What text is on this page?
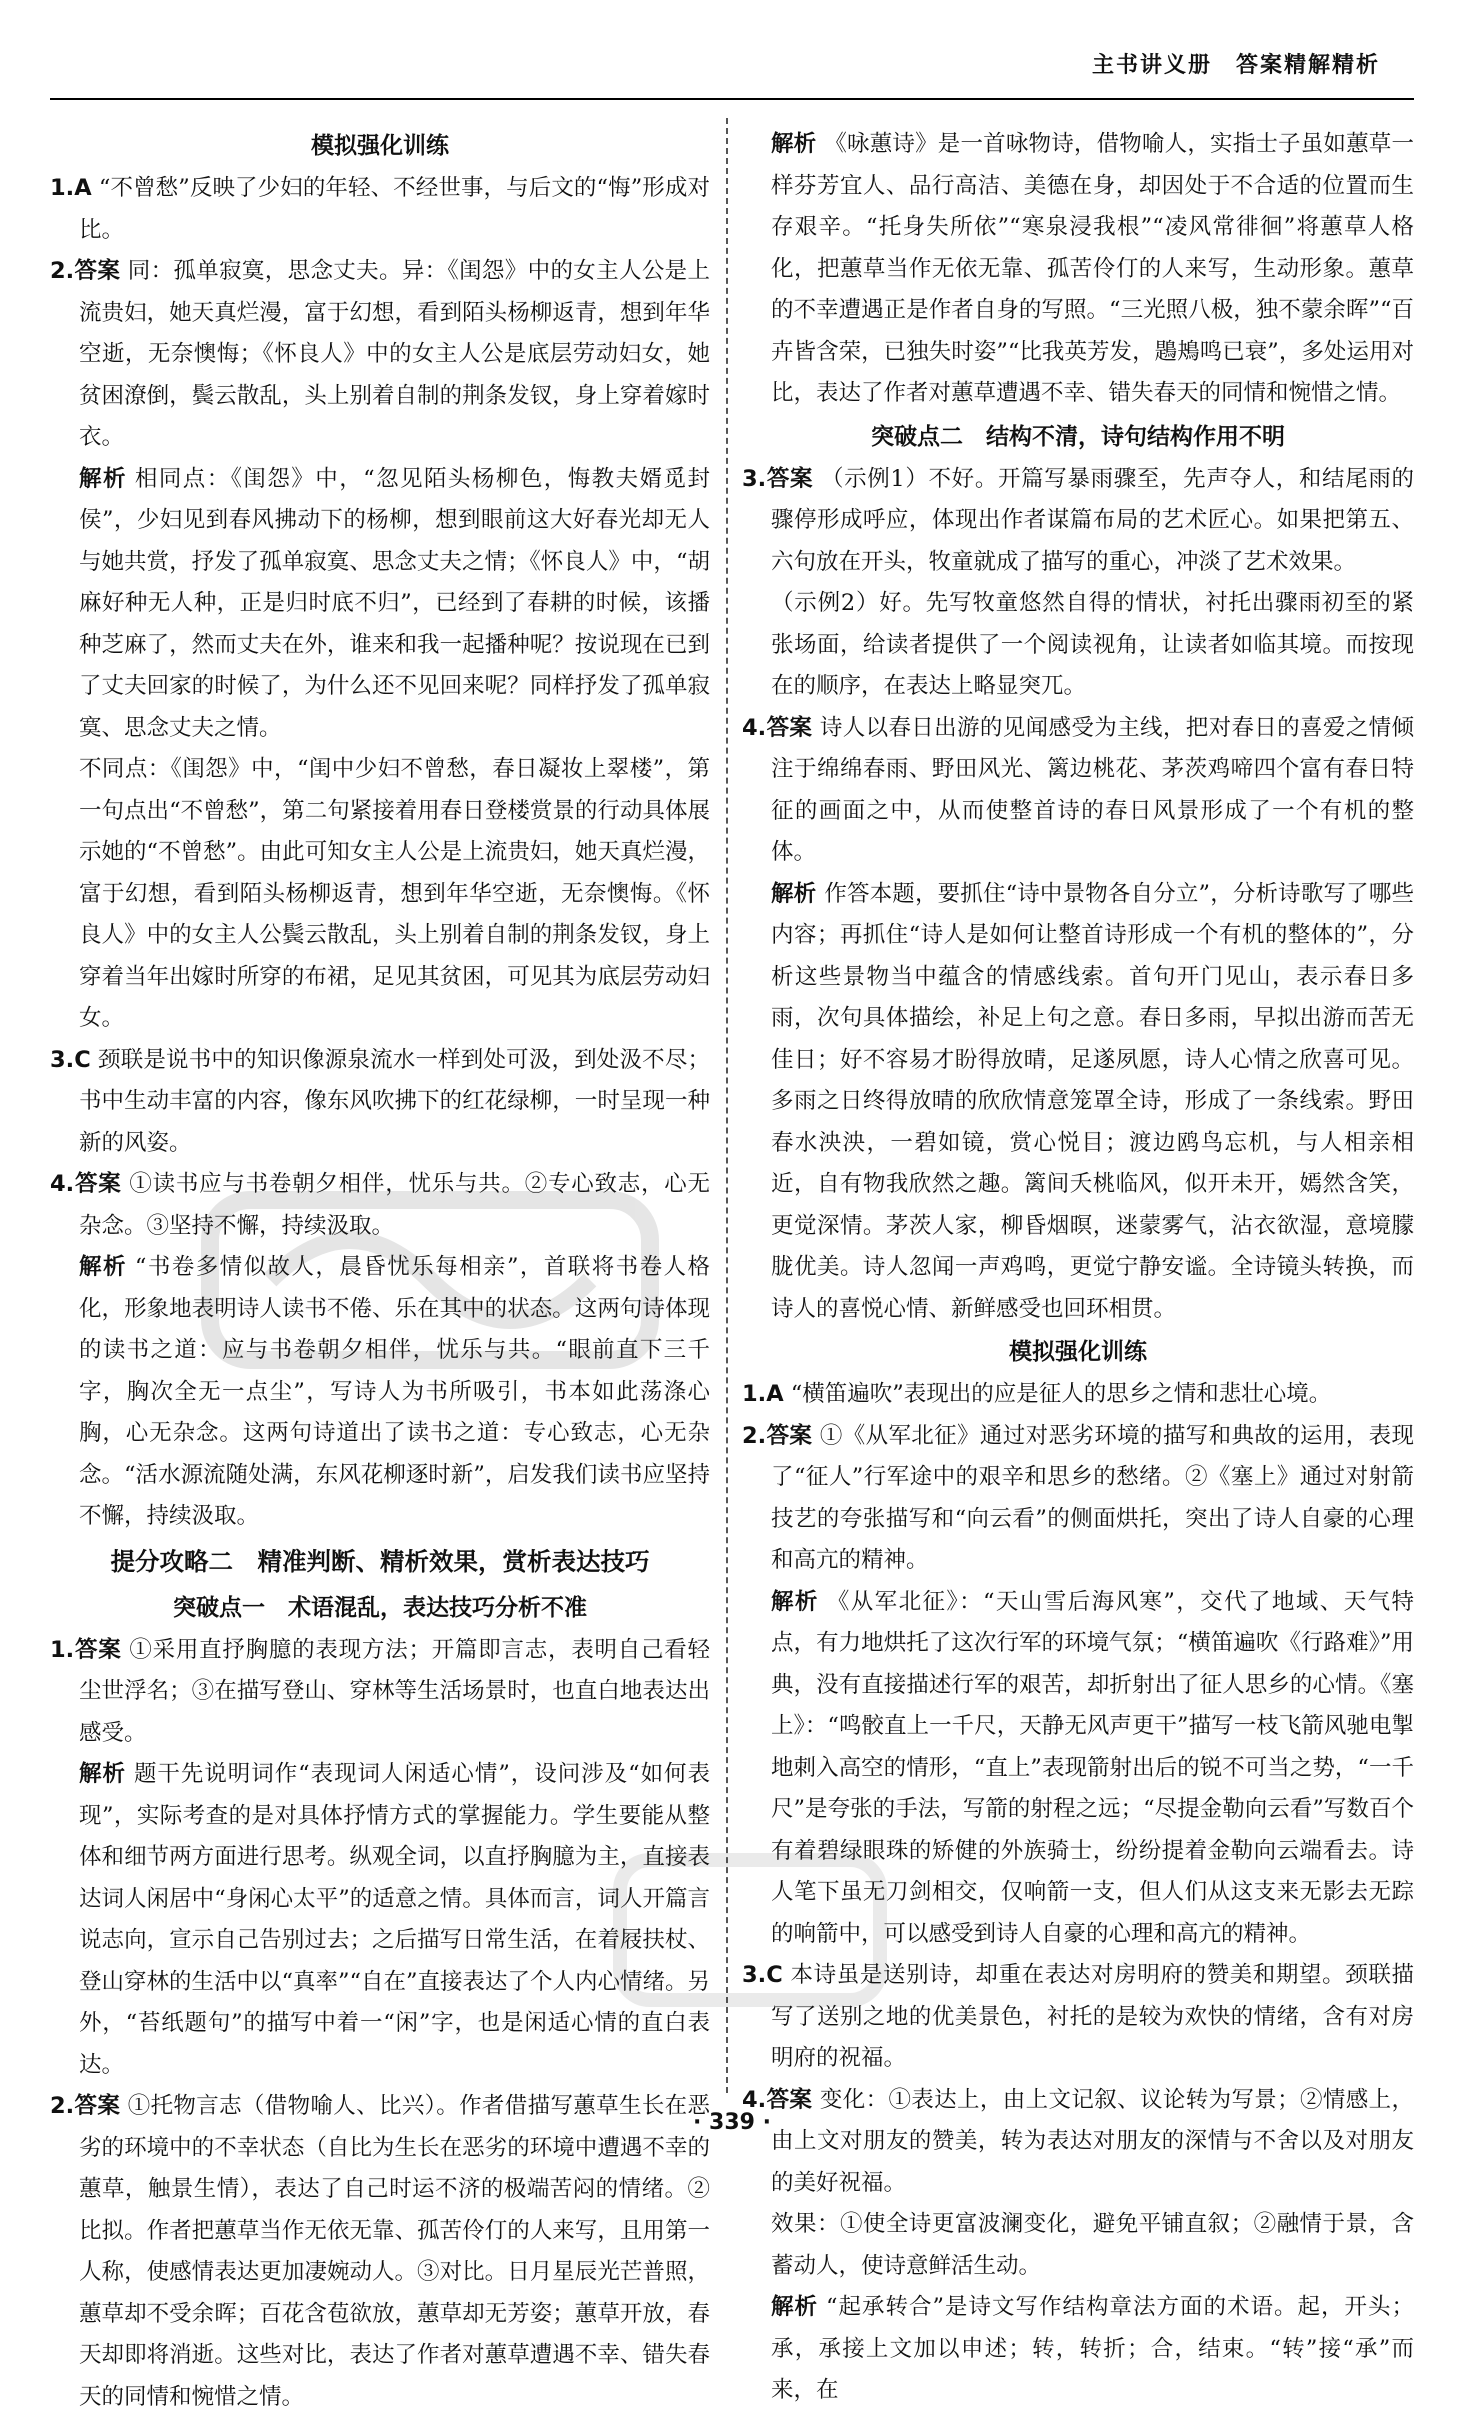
主书讲义册　答案精解精析
模拟强化训练
1.A “不曾愁”反映了少妇的年轻、不经世事，与后文的“悔”形成对比。
2.答案 同：孤单寂寞，思念丈夫。异：《闺怨》中的女主人公是上流贵妇，她天真烂漫，富于幻想，看到陌头杨柳返青，想到年华空逝，无奈懊悔；《怀良人》中的女主人公是底层劳动妇女，她贫困潦倒，鬓云散乱，头上别着自制的荆条发钗，身上穿着嫁时衣。
解析 相同点：《闺怨》中，“忽见陌头杨柳色，悔教夫婿觅封侯”，少妇见到春风拂动下的杨柳，想到眼前这大好春光却无人与她共赏，抒发了孤单寂寞、思念丈夫之情；《怀良人》中，“胡麻好种无人种，正是归时底不归”，已经到了春耕的时候，该播种芝麻了，然而丈夫在外，谁来和我一起播种呢？按说现在已到了丈夫回家的时候了，为什么还不见回来呢？同样抒发了孤单寂寞、思念丈夫之情。
不同点：《闺怨》中，“闺中少妇不曾愁，春日凝妆上翠楼”，第一句点出“不曾愁”，第二句紧接着用春日登楼赏景的行动具体展示她的“不曾愁”。由此可知女主人公是上流贵妇，她天真烂漫，富于幻想，看到陌头杨柳返青，想到年华空逝，无奈懊悔。《怀良人》中的女主人公鬓云散乱，头上别着自制的荆条发钗，身上穿着当年出嫁时所穿的布裙，足见其贫困，可见其为底层劳动妇女。
3.C 颈联是说书中的知识像源泉流水一样到处可汲，到处汲不尽；书中生动丰富的内容，像东风吹拂下的红花绿柳，一时呈现一种新的风姿。
4.答案 ①读书应与书卷朝夕相伴，忧乐与共。②专心致志，心无杂念。③坚持不懈，持续汲取。
解析 “书卷多情似故人，晨昏忧乐每相亲”，首联将书卷人格化，形象地表明诗人读书不倦、乐在其中的状态。这两句诗体现的读书之道：应与书卷朝夕相伴，忧乐与共。“眼前直下三千字，胸次全无一点尘”，写诗人为书所吸引，书本如此荡涤心胸，心无杂念。这两句诗道出了读书之道：专心致志，心无杂念。“活水源流随处满，东风花柳逐时新”，启发我们读书应坚持不懈，持续汲取。
提分攻略二　精准判断、精析效果，赏析表达技巧
突破点一　术语混乱，表达技巧分析不准
1.答案 ①采用直抒胸臆的表现方法；开篇即言志，表明自己看轻尘世浮名；③在描写登山、穿林等生活场景时，也直白地表达出感受。
解析 题干先说明词作“表现词人闲适心情”，设问涉及“如何表现”，实际考查的是对具体抒情方式的掌握能力。学生要能从整体和细节两方面进行思考。纵观全词，以直抒胸臆为主，直接表达词人闲居中“身闲心太平”的适意之情。具体而言，词人开篇言说志向，宣示自己告别过去；之后描写日常生活，在着屐扶杖、登山穿林的生活中以“真率”“自在”直接表达了个人内心情绪。另外，“苔纸题句”的描写中着一“闲”字，也是闲适心情的直白表达。
2.答案 ①托物言志（借物喻人、比兴）。作者借描写蕙草生长在恶劣的环境中的不幸状态（自比为生长在恶劣的环境中遭遇不幸的蕙草，触景生情），表达了自己时运不济的极端苦闷的情绪。②比拟。作者把蕙草当作无依无靠、孤苦伶仃的人来写，且用第一人称，使感情表达更加凄婉动人。③对比。日月星辰光芒普照，蕙草却不受余晖；百花含苞欲放，蕙草却无芳姿；蕙草开放，春天却即将消逝。这些对比，表达了作者对蕙草遭遇不幸、错失春天的同情和惋惜之情。
解析 《咏蕙诗》是一首咏物诗，借物喻人，实指士子虽如蕙草一样芬芳宜人、品行高洁、美德在身，却因处于不合适的位置而生存艰辛。“托身失所依”“寒泉浸我根”“凌风常徘徊”将蕙草人格化，把蕙草当作无依无靠、孤苦伶仃的人来写，生动形象。蕙草的不幸遭遇正是作者自身的写照。“三光照八极，独不蒙余晖”“百卉皆含荣，已独失时姿”“比我英芳发，鶗鴂鸣已衰”，多处运用对比，表达了作者对蕙草遭遇不幸、错失春天的同情和惋惜之情。
突破点二　结构不清，诗句结构作用不明
3.答案 （示例1）不好。开篇写暴雨骤至，先声夺人，和结尾雨的骤停形成呼应，体现出作者谋篇布局的艺术匠心。如果把第五、六句放在开头，牧童就成了描写的重心，冲淡了艺术效果。
（示例2）好。先写牧童悠然自得的情状，衬托出骤雨初至的紧张场面，给读者提供了一个阅读视角，让读者如临其境。而按现在的顺序，在表达上略显突兀。
4.答案 诗人以春日出游的见闻感受为主线，把对春日的喜爱之情倾注于绵绵春雨、野田风光、篱边桃花、茅茨鸡啼四个富有春日特征的画面之中，从而使整首诗的春日风景形成了一个有机的整体。
解析 作答本题，要抓住“诗中景物各自分立”，分析诗歌写了哪些内容；再抓住“诗人是如何让整首诗形成一个有机的整体的”，分析这些景物当中蕴含的情感线索。首句开门见山，表示春日多雨，次句具体描绘，补足上句之意。春日多雨，早拟出游而苦无佳日；好不容易才盼得放晴，足遂夙愿，诗人心情之欣喜可见。多雨之日终得放晴的欣欣情意笼罩全诗，形成了一条线索。野田春水泱泱，一碧如镜，赏心悦目；渡边鸥鸟忘机，与人相亲相近，自有物我欣然之趣。篱间夭桃临风，似开未开，嫣然含笑，更觉深情。茅茨人家，柳昏烟暝，迷蒙雾气，沾衣欲湿，意境朦胧优美。诗人忽闻一声鸡鸣，更觉宁静安谧。全诗镜头转换，而诗人的喜悦心情、新鲜感受也回环相贯。
模拟强化训练
1.A “横笛遍吹”表现出的应是征人的思乡之情和悲壮心境。
2.答案 ①《从军北征》通过对恶劣环境的描写和典故的运用，表现了“征人”行军途中的艰辛和思乡的愁绪。②《塞上》通过对射箭技艺的夸张描写和“向云看”的侧面烘托，突出了诗人自豪的心理和高亢的精神。
解析 《从军北征》：“天山雪后海风寒”，交代了地域、天气特点，有力地烘托了这次行军的环境气氛；“横笛遍吹《行路难》”用典，没有直接描述行军的艰苦，却折射出了征人思乡的心情。《塞上》：“鸣骹直上一千尺，天静无风声更干”描写一枝飞箭风驰电掣地刺入高空的情形，“直上”表现箭射出后的锐不可当之势，“一千尺”是夸张的手法，写箭的射程之远；“尽提金勒向云看”写数百个有着碧绿眼珠的矫健的外族骑士，纷纷提着金勒向云端看去。诗人笔下虽无刀剑相交，仅响箭一支，但人们从这支来无影去无踪的响箭中，可以感受到诗人自豪的心理和高亢的精神。
3.C 本诗虽是送别诗，却重在表达对房明府的赞美和期望。颈联描写了送别之地的优美景色，衬托的是较为欢快的情绪，含有对房明府的祝福。
4.答案 变化：①表达上，由上文记叙、议论转为写景；②情感上，由上文对朋友的赞美，转为表达对朋友的深情与不舍以及对朋友的美好祝福。
效果：①使全诗更富波澜变化，避免平铺直叙；②融情于景，含蓄动人，使诗意鲜活生动。
解析 “起承转合”是诗文写作结构章法方面的术语。起，开头；承，承接上文加以申述；转，转折；合，结束。“转”接“承”而来，在
· 339 ·
